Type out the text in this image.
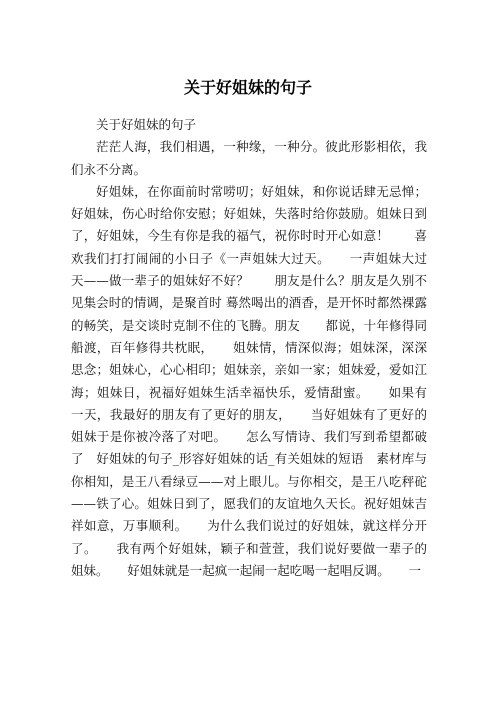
关于好姐妹的句子

关于好姐妹的句子

茫茫人海，我们相遇，一种缘，一种分。彼此形影相依，我们永不分离。

好姐妹，在你面前时常唠叨；好姐妹，和你说话肆无忌惮；好姐妹，伤心时给你安慰；好姐妹，失落时给你鼓励。姐妹日到了，好姐妹，今生有你是我的福气，祝你时时开心如意！　　喜欢我们打打闹闹的小日子《一声姐妹大过天。　　一声姐妹大过天——做一辈子的姐妹好不好？　　朋友是什么？朋友是久别不见集会时的情调，是聚首时 蓦然喝出的酒香，是开怀时都然裸露的畅笑，是交谈时克制不住的飞腾。朋友　　都说，十年修得同船渡，百年修得共枕眠，　　姐妹情，情深似海；姐妹深，深深思念；姐妹心，心心相印；姐妹亲，亲如一家；姐妹爱，爱如江海；姐妹日，祝福好姐妹生活幸福快乐，爱情甜蜜。　　如果有一天，我最好的朋友有了更好的朋友，　　当好姐妹有了更好的姐妹于是你被冷落了对吧。　　怎么写情诗、我们写到希望都破了　好姐妹的句子_形容好姐妹的话_有关姐妹的短语　素材库与你相知，是王八看绿豆——对上眼儿。与你相交，是王八吃秤砣——铁了心。姐妹日到了，愿我们的友谊地久天长。祝好姐妹吉祥如意，万事顺利。　　为什么我们说过的好姐妹，就这样分开了。　　我有两个好姐妹，颖子和萱萱，我们说好要做一辈子的姐妹。　　好姐妹就是一起疯一起闹一起吃喝一起唱反调。　　一
